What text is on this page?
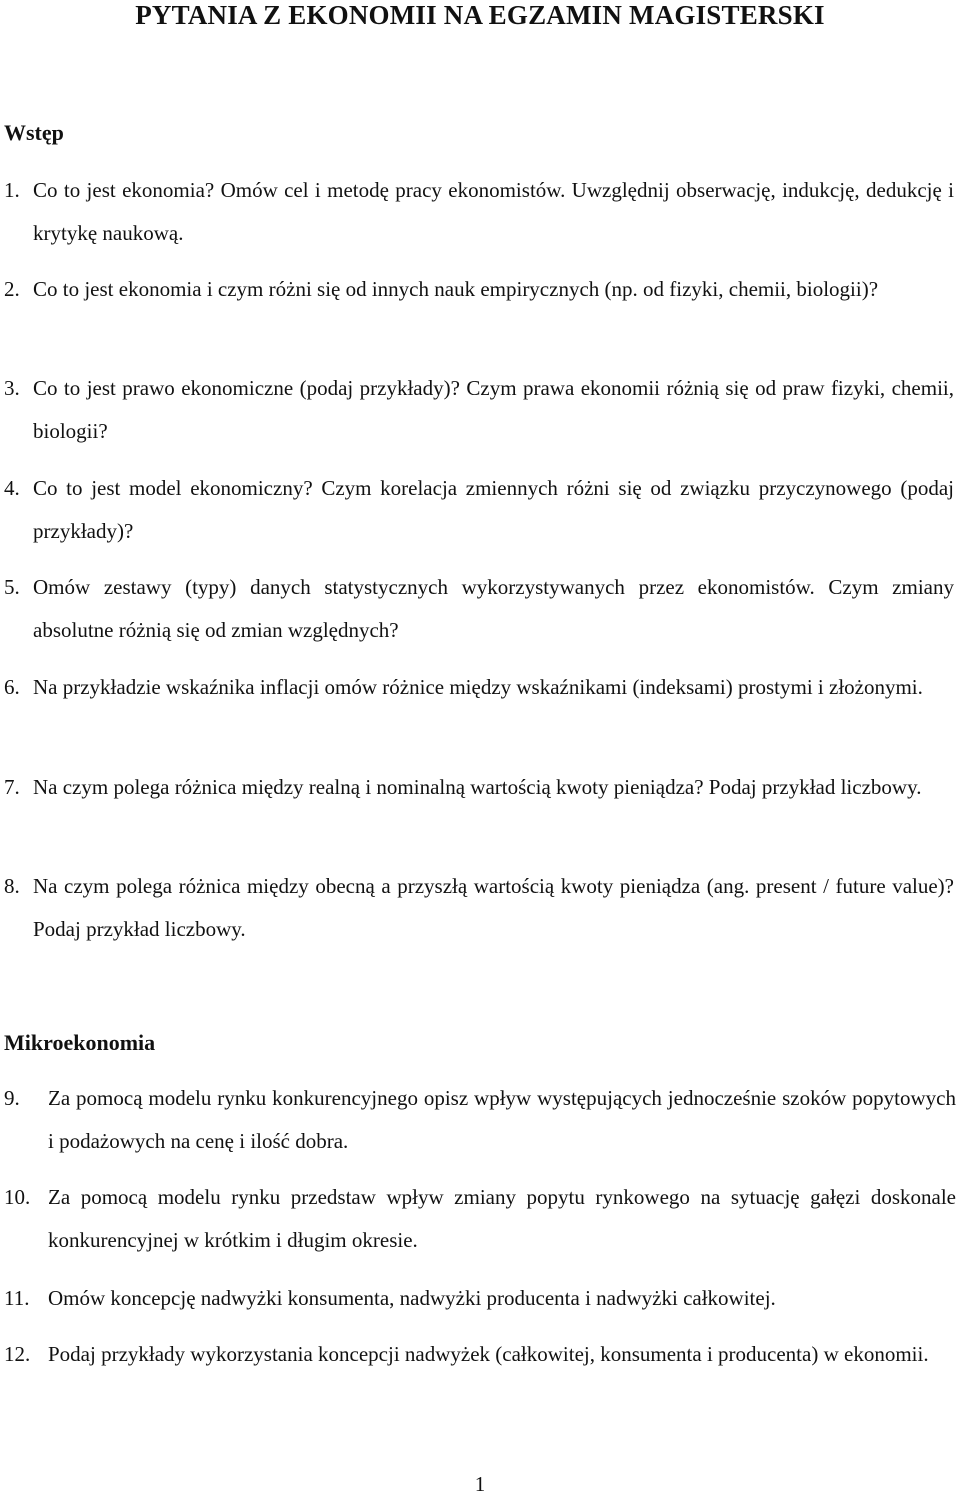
PYTANIA Z EKONOMII NA EGZAMIN MAGISTERSKI
Wstęp
1. Co to jest ekonomia? Omów cel i metodę pracy ekonomistów. Uwzględnij obserwację, indukcję, dedukcję i krytykę naukową.
2. Co to jest ekonomia i czym różni się od innych nauk empirycznych (np. od fizyki, chemii, biologii)?
3. Co to jest prawo ekonomiczne (podaj przykłady)? Czym prawa ekonomii różnią się od praw fizyki, chemii, biologii?
4. Co to jest model ekonomiczny? Czym korelacja zmiennych różni się od związku przyczynowego (podaj przykłady)?
5. Omów zestawy (typy) danych statystycznych wykorzystywanych przez ekonomistów. Czym zmiany absolutne różnią się od zmian względnych?
6. Na przykładzie wskaźnika inflacji omów różnice między wskaźnikami (indeksami) prostymi i złożonymi.
7. Na czym polega różnica między realną i nominalną wartością kwoty pieniądza? Podaj przykład liczbowy.
8. Na czym polega różnica między obecną a przyszłą wartością kwoty pieniądza (ang. present / future value)? Podaj przykład liczbowy.
Mikroekonomia
9. Za pomocą modelu rynku konkurencyjnego opisz wpływ występujących jednocześnie szoków popytowych i podażowych na cenę i ilość dobra.
10. Za pomocą modelu rynku przedstaw wpływ zmiany popytu rynkowego na sytuację gałęzi doskonale konkurencyjnej w krótkim i długim okresie.
11. Omów koncepcję nadwyżki konsumenta, nadwyżki producenta i nadwyżki całkowitej.
12. Podaj przykłady wykorzystania koncepcji nadwyżek (całkowitej, konsumenta i producenta) w ekonomii.
1
